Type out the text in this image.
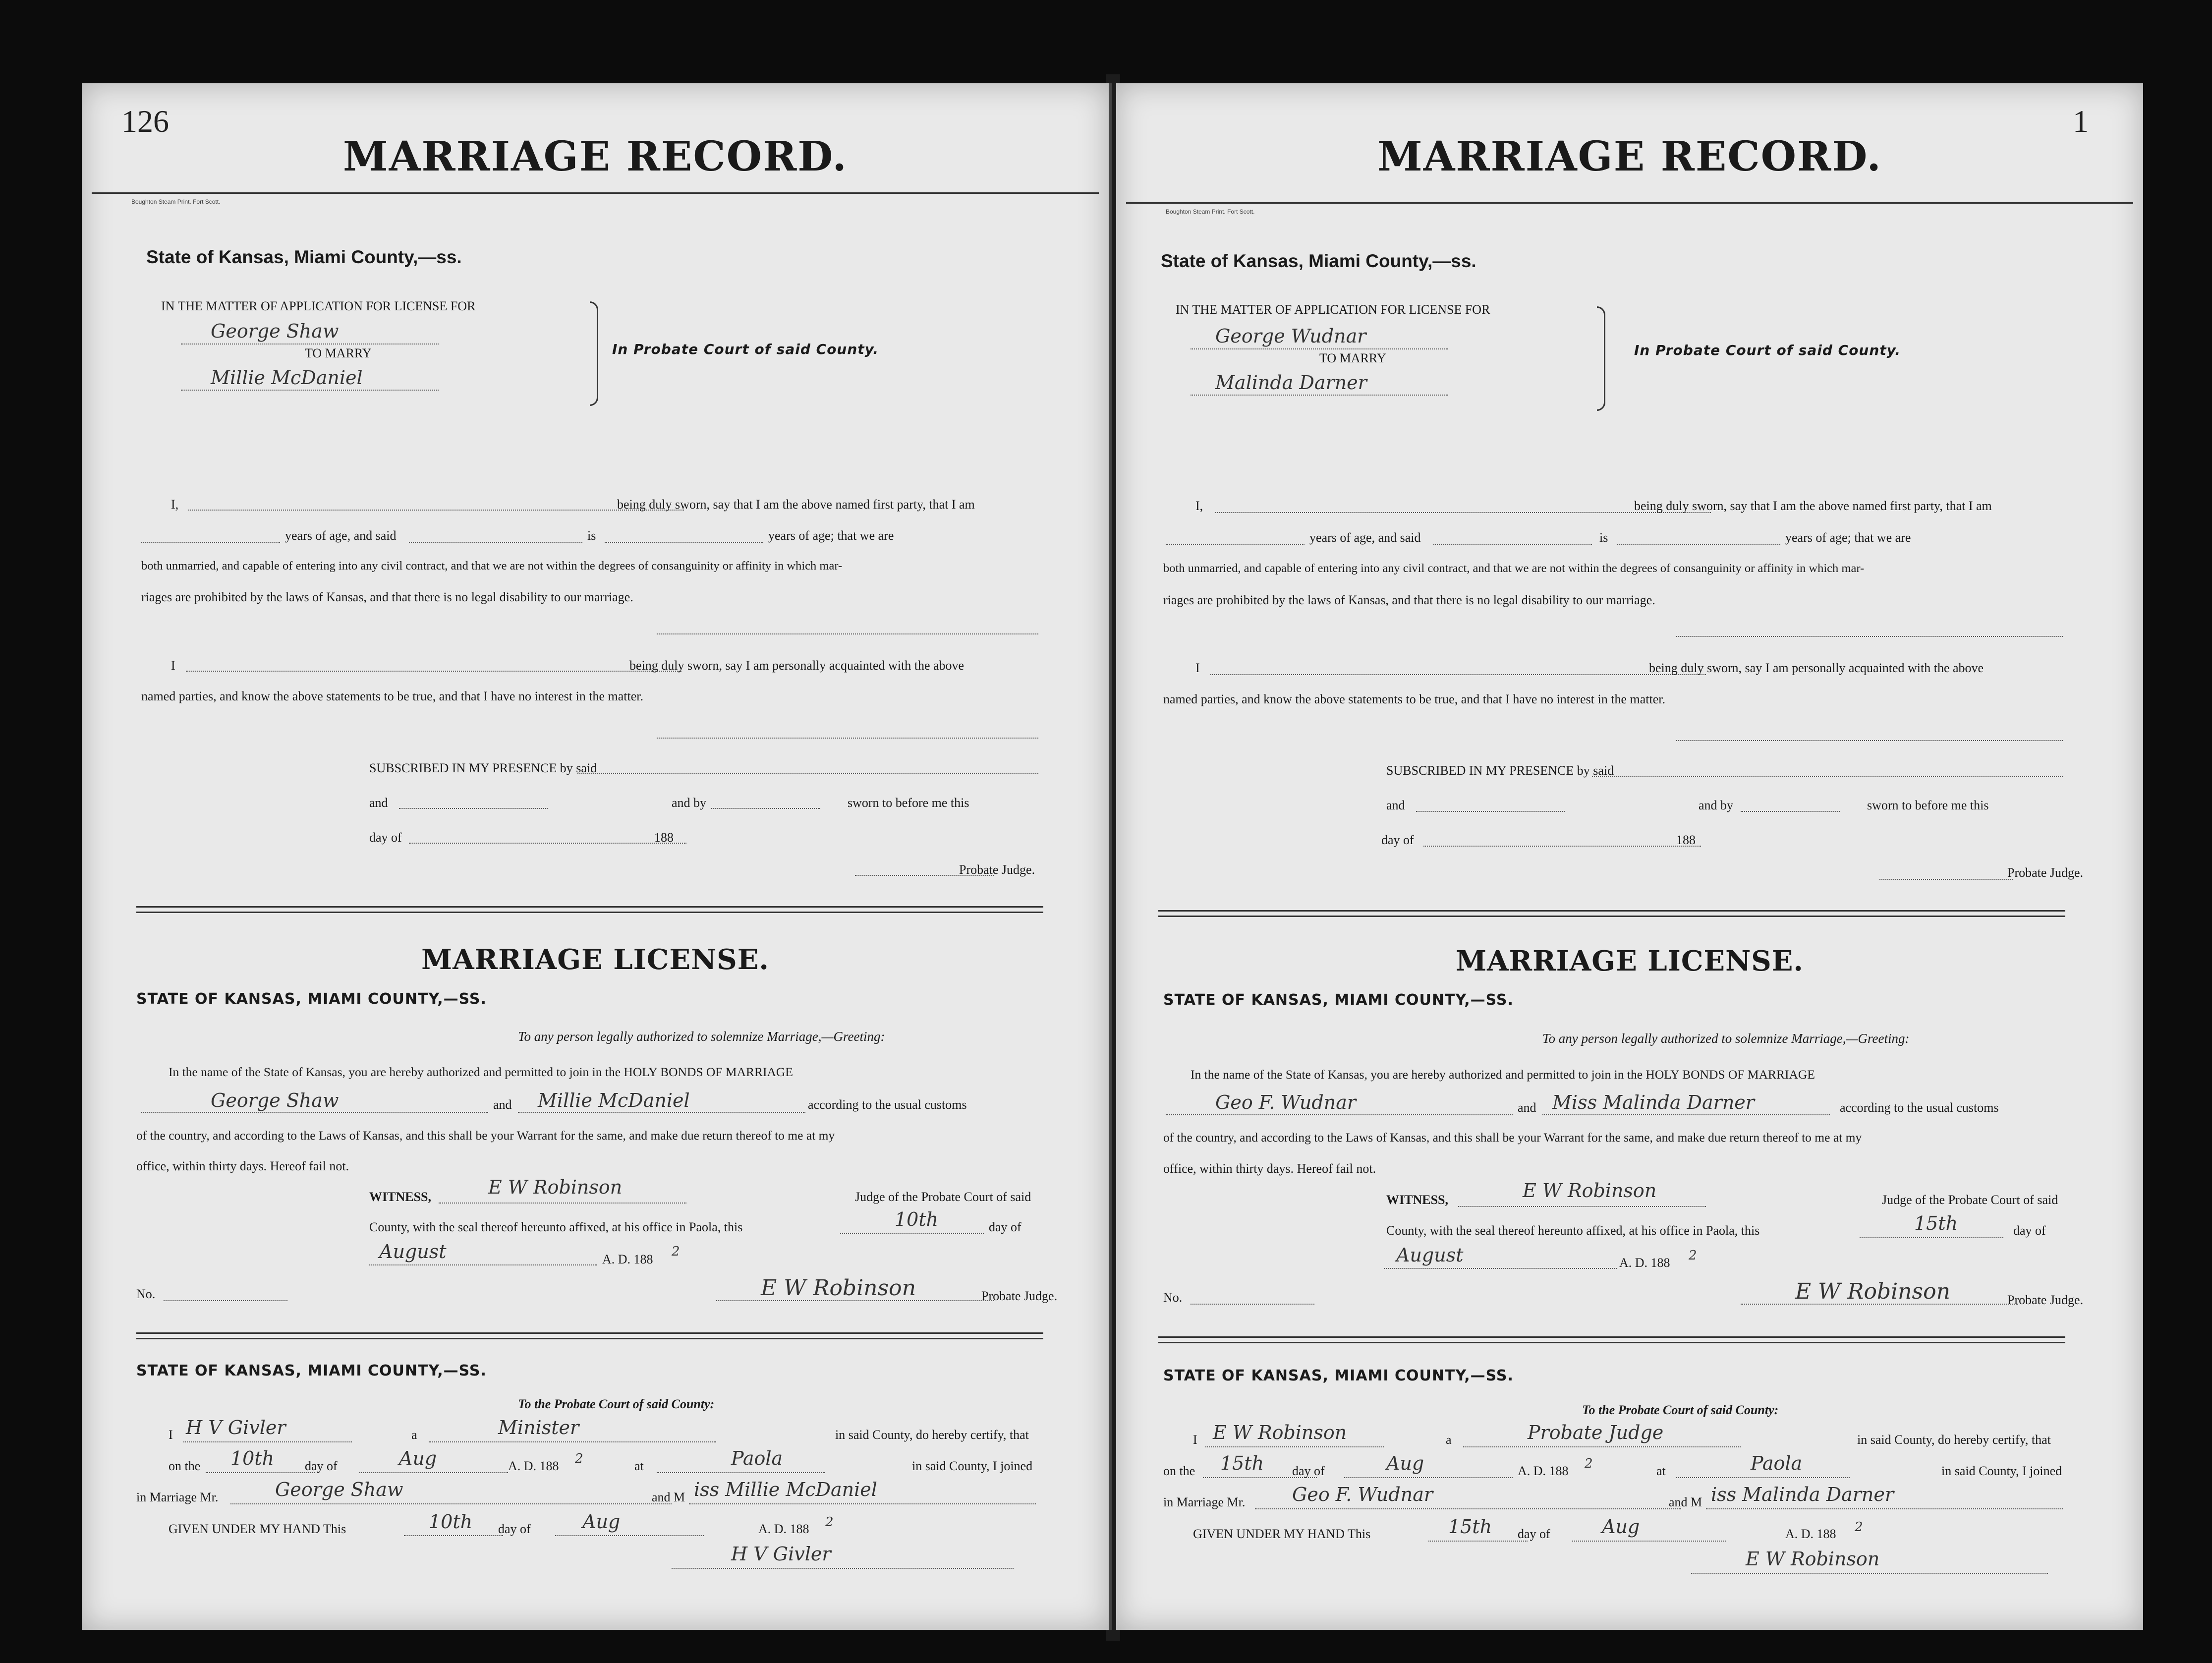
126
MARRIAGE RECORD.
Boughton Steam Print. Fort Scott.
State of Kansas, Miami County,—ss.
IN THE MATTER OF APPLICATION FOR LICENSE FOR
George Shaw
TO MARRY
Millie McDaniel
In Probate Court of said County.
I,	being duly sworn, say that I am the above named first party, that I am
years of age, and said	is	years of age; that we are
both unmarried, and capable of entering into any civil contract, and that we are not within the degrees of consanguinity or affinity in which mar-
riages are prohibited by the laws of Kansas, and that there is no legal disability to our marriage.
I	being duly sworn, say I am personally acquainted with the above
named parties, and know the above statements to be true, and that I have no interest in the matter.
SUBSCRIBED IN MY PRESENCE by said
and	and by	sworn to before me this
day of	188
Probate Judge.
MARRIAGE LICENSE.
STATE OF KANSAS, MIAMI COUNTY,—SS.
To any person legally authorized to solemnize Marriage,—Greeting:
In the name of the State of Kansas, you are hereby authorized and permitted to join in the HOLY BONDS OF MARRIAGE
George Shaw	and Millie McDaniel	according to the usual customs
of the country, and according to the Laws of Kansas, and this shall be your Warrant for the same, and make due return thereof to me at my
office, within thirty days. Hereof fail not.
WITNESS,	E W Robinson	Judge of the Probate Court of said
County, with the seal thereof hereunto affixed, at his office in Paola, this	10th	day of
August	A. D. 188
2
No.	E W Robinson	Probate Judge.
STATE OF KANSAS, MIAMI COUNTY,—SS.
To the Probate Court of said County:
I H V Givler	a	Minister	in said County, do hereby certify, that
on the 10th day of	Aug	A. D. 188 2	at	Paola	in said County, I joined
in Marriage Mr.	George Shaw	and M iss Millie McDaniel
GIVEN UNDER MY HAND This	10th day of	Aug	A. D. 188 2
H V Givler
1
MARRIAGE RECORD.
Boughton Steam Print. Fort Scott.
State of Kansas, Miami County,—ss.
IN THE MATTER OF APPLICATION FOR LICENSE FOR
George Wudnar
TO MARRY
Malinda Darner
In Probate Court of said County.
I,	being duly sworn, say that I am the above named first party, that I am
years of age, and said	is	years of age; that we are
both unmarried, and capable of entering into any civil contract, and that we are not within the degrees of consanguinity or affinity in which mar-
riages are prohibited by the laws of Kansas, and that there is no legal disability to our marriage.
I	being duly sworn, say I am personally acquainted with the above
named parties, and know the above statements to be true, and that I have no interest in the matter.
SUBSCRIBED IN MY PRESENCE by said
and	and by	sworn to before me this
day of	188
Probate Judge.
MARRIAGE LICENSE.
STATE OF KANSAS, MIAMI COUNTY,—SS.
To any person legally authorized to solemnize Marriage,—Greeting:
In the name of the State of Kansas, you are hereby authorized and permitted to join in the HOLY BONDS OF MARRIAGE
Geo F. Wudnar	and Miss Malinda Darner	according to the usual customs
of the country, and according to the Laws of Kansas, and this shall be your Warrant for the same, and make due return thereof to me at my
office, within thirty days. Hereof fail not.
WITNESS,	E W Robinson	Judge of the Probate Court of said
County, with the seal thereof hereunto affixed, at his office in Paola, this	15th	day of
August	A. D. 188 2
No.	E W Robinson	Probate Judge.
STATE OF KANSAS, MIAMI COUNTY,—SS.
To the Probate Court of said County:
I E W Robinson	a	Probate Judge	in said County, do hereby certify, that
on the 15th day of	Aug	A. D. 188 2	at	Paola	in said County, I joined
in Marriage Mr. Geo F. Wudnar	and M iss Malinda Darner
GIVEN UNDER MY HAND This	15th day of	Aug	A. D. 188 2
E W Robinson
